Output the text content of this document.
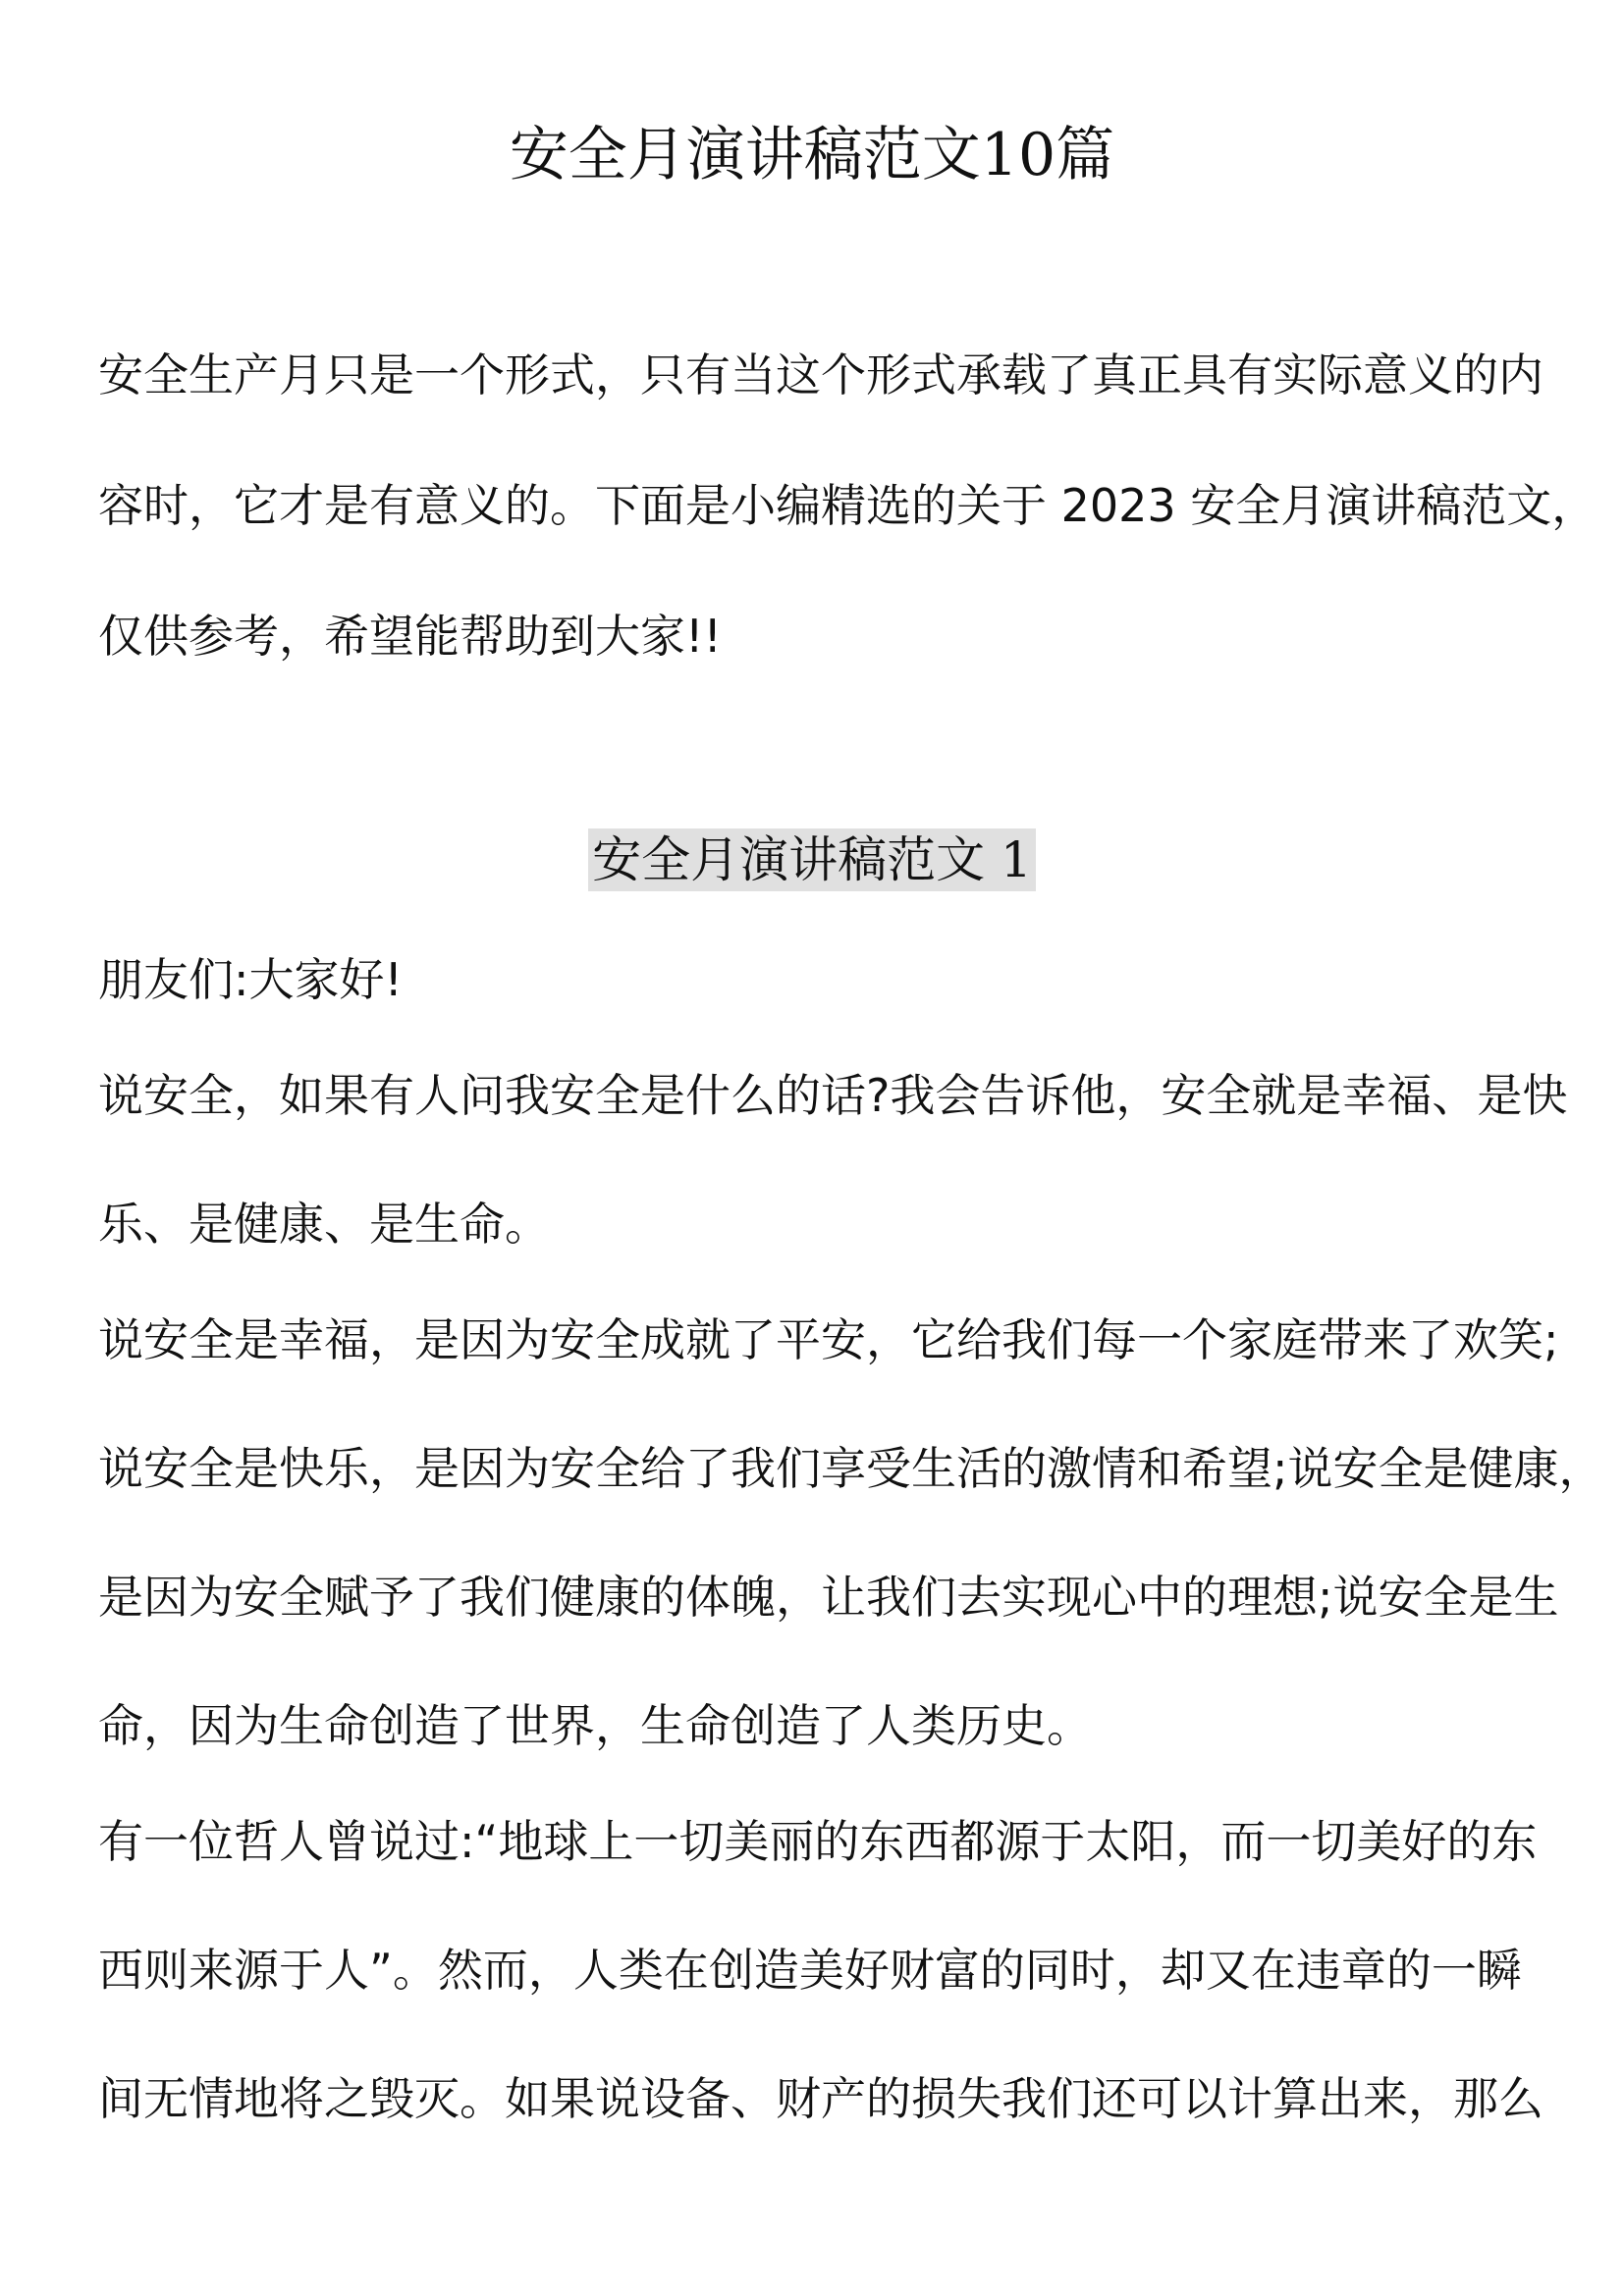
安全月演讲稿范文10篇

安全生产月只是一个形式，只有当这个形式承载了真正具有实际意义的内

容时，它才是有意义的。下面是小编精选的关于 2023 安全月演讲稿范文，

仅供参考，希望能帮助到大家!!

安全月演讲稿范文 1

朋友们:大家好!

说安全，如果有人问我安全是什么的话?我会告诉他，安全就是幸福、是快

乐、是健康、是生命。

说安全是幸福，是因为安全成就了平安，它给我们每一个家庭带来了欢笑;

说安全是快乐，是因为安全给了我们享受生活的激情和希望;说安全是健康，

是因为安全赋予了我们健康的体魄，让我们去实现心中的理想;说安全是生

命，因为生命创造了世界，生命创造了人类历史。

有一位哲人曾说过:“地球上一切美丽的东西都源于太阳，而一切美好的东

西则来源于人”。然而，人类在创造美好财富的同时，却又在违章的一瞬

间无情地将之毁灭。如果说设备、财产的损失我们还可以计算出来，那么
